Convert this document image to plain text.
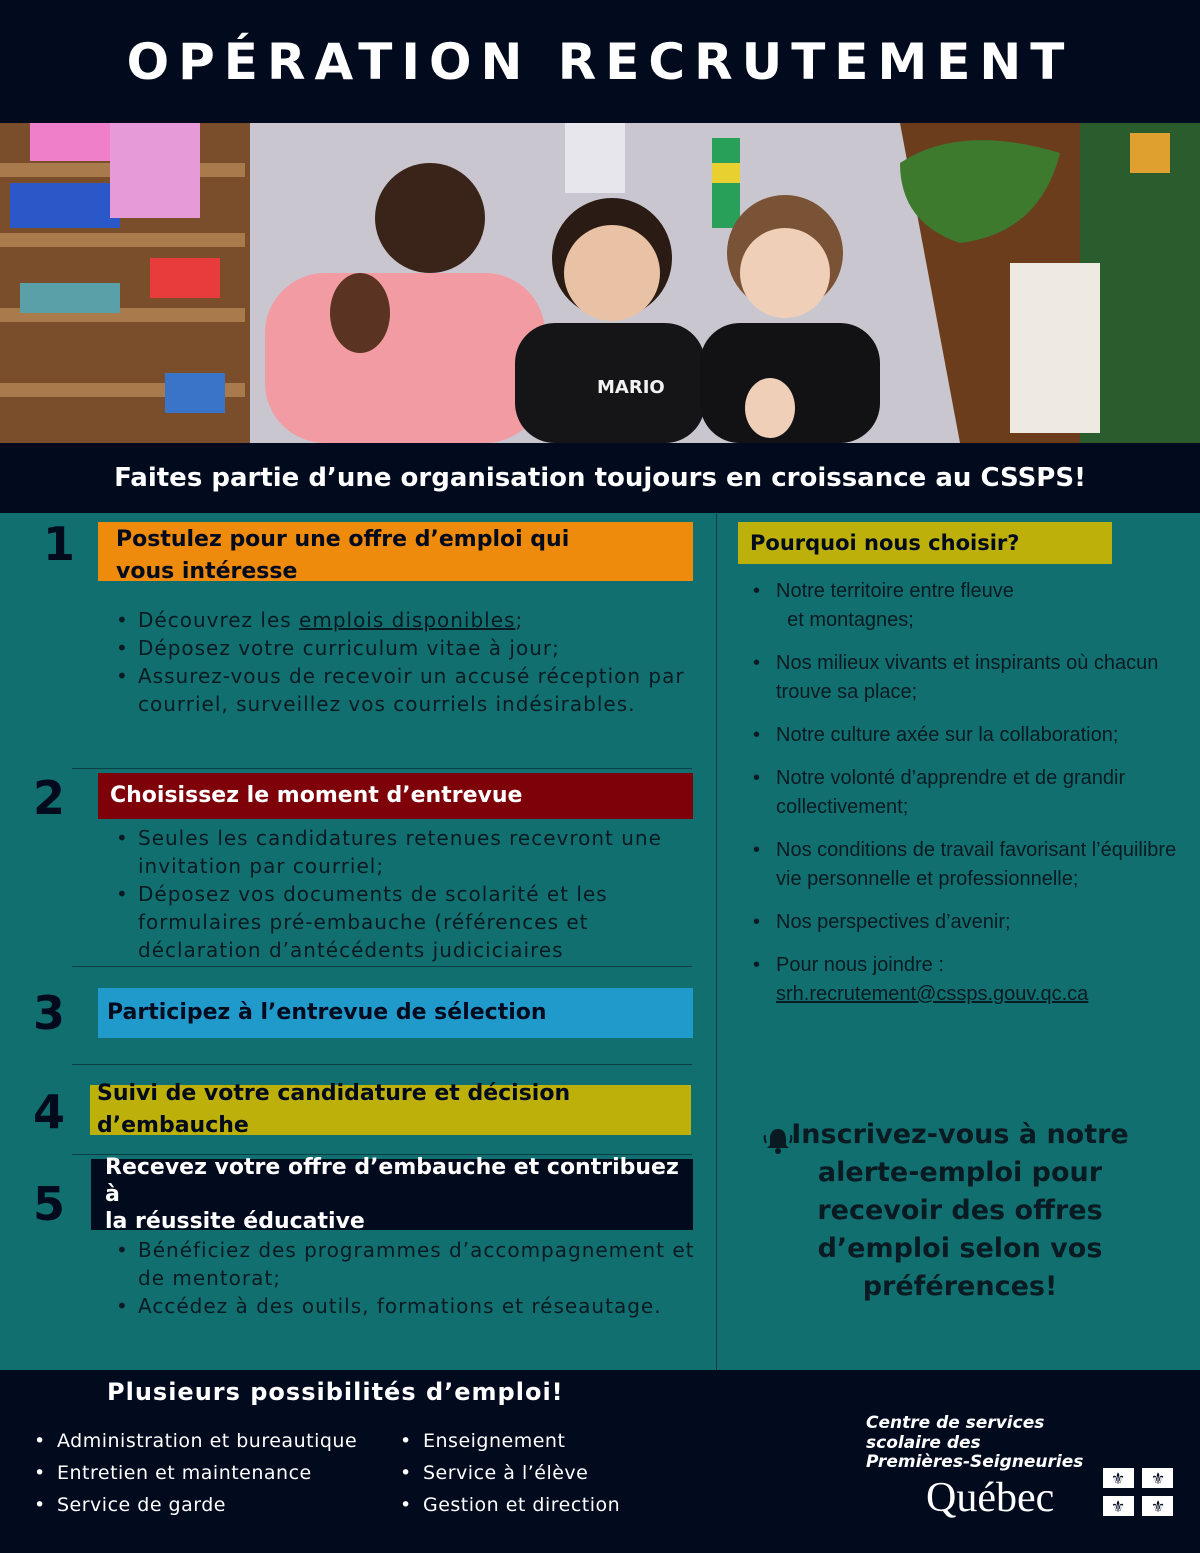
OPÉRATION RECRUTEMENT
MARIO
Faites partie d’une organisation toujours en croissance au CSSPS!
1 Postulez pour une offre d’emploi qui
vous intéresse
• Découvrez les emplois disponibles;
• Déposez votre curriculum vitae à jour;
• Assurez-vous de recevoir un accusé réception par courriel, surveillez vos courriels indésirables.
2	Choisissez le moment d’entrevue
• Seules les candidatures retenues recevront une invitation par courriel;
• Déposez vos documents de scolarité et les formulaires pré-embauche (références et déclaration d’antécédents judiciciaires
3	Participez à l’entrevue de sélection
4	Suivi de votre candidature et décision d’embauche
5
Recevez votre offre d’embauche et contribuez à
la réussite éducative
• Bénéficiez des programmes d’accompagnement et de mentorat;
• Accédez à des outils, formations et réseautage.
Pourquoi nous choisir?
• Notre territoire entre fleuve
et montagnes;
• Nos milieux vivants et inspirants où chacun trouve sa place;
• Notre culture axée sur la collaboration;
• Notre volonté d’apprendre et de grandir collectivement;
• Nos conditions de travail favorisant l’équilibre vie personnelle et professionnelle;
• Nos perspectives d’avenir;
• Pour nous joindre :
srh.recrutement@cssps.gouv.qc.ca
Inscrivez-vous à notre alerte-emploi pour recevoir des offres d’emploi selon vos préférences!
Plusieurs possibilités d’emploi!
• Administration et bureautique
• Entretien et maintenance
• Service de garde
• Enseignement
• Service à l’élève
• Gestion et direction
Centre de services
scolaire des
Premières-Seigneuries
Québec	⚜ ⚜
⚜ ⚜
